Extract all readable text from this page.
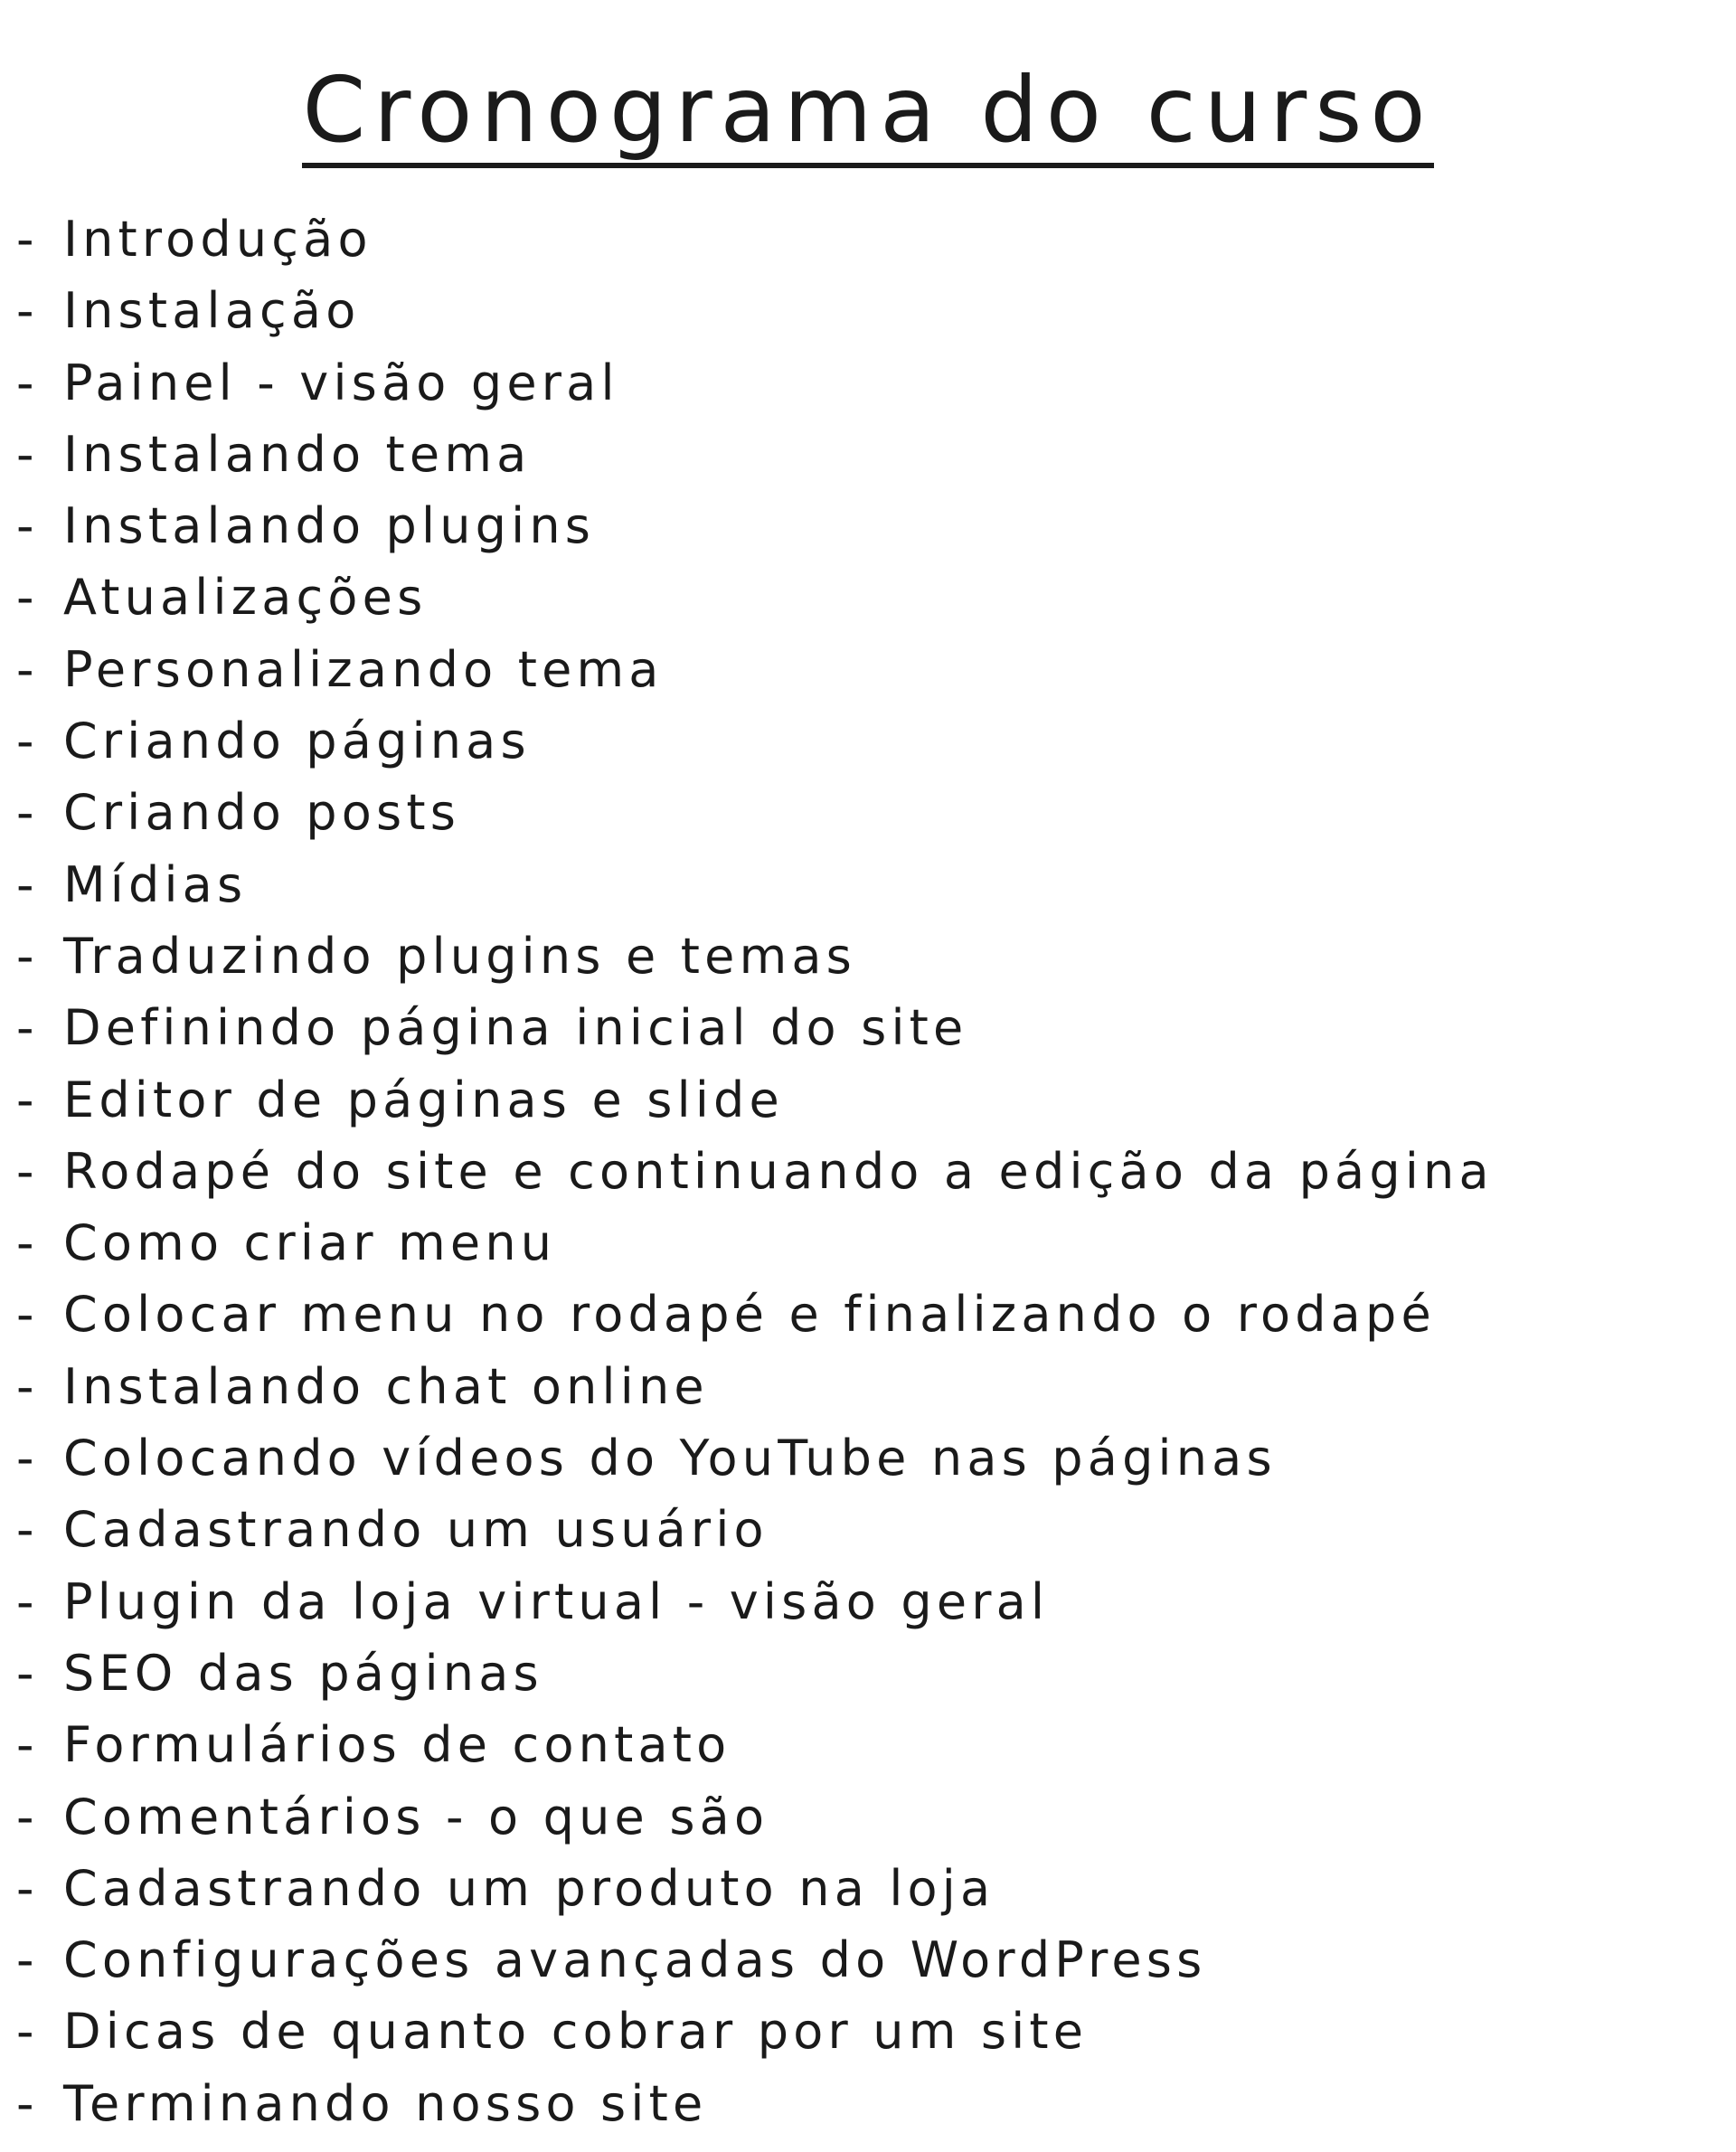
Cronograma do curso
- Introdução
- Instalação
- Painel - visão geral
- Instalando tema
- Instalando plugins
- Atualizações
- Personalizando tema
- Criando páginas
- Criando posts
- Mídias
- Traduzindo plugins e temas
- Definindo página inicial do site
- Editor de páginas e slide
- Rodapé do site e continuando a edição da página
- Como criar menu
- Colocar menu no rodapé e finalizando o rodapé
- Instalando chat online
- Colocando vídeos do YouTube nas páginas
- Cadastrando um usuário
- Plugin da loja virtual - visão geral
- SEO das páginas
- Formulários de contato
- Comentários - o que são
- Cadastrando um produto na loja
- Configurações avançadas do WordPress
- Dicas de quanto cobrar por um site
- Terminando nosso site
